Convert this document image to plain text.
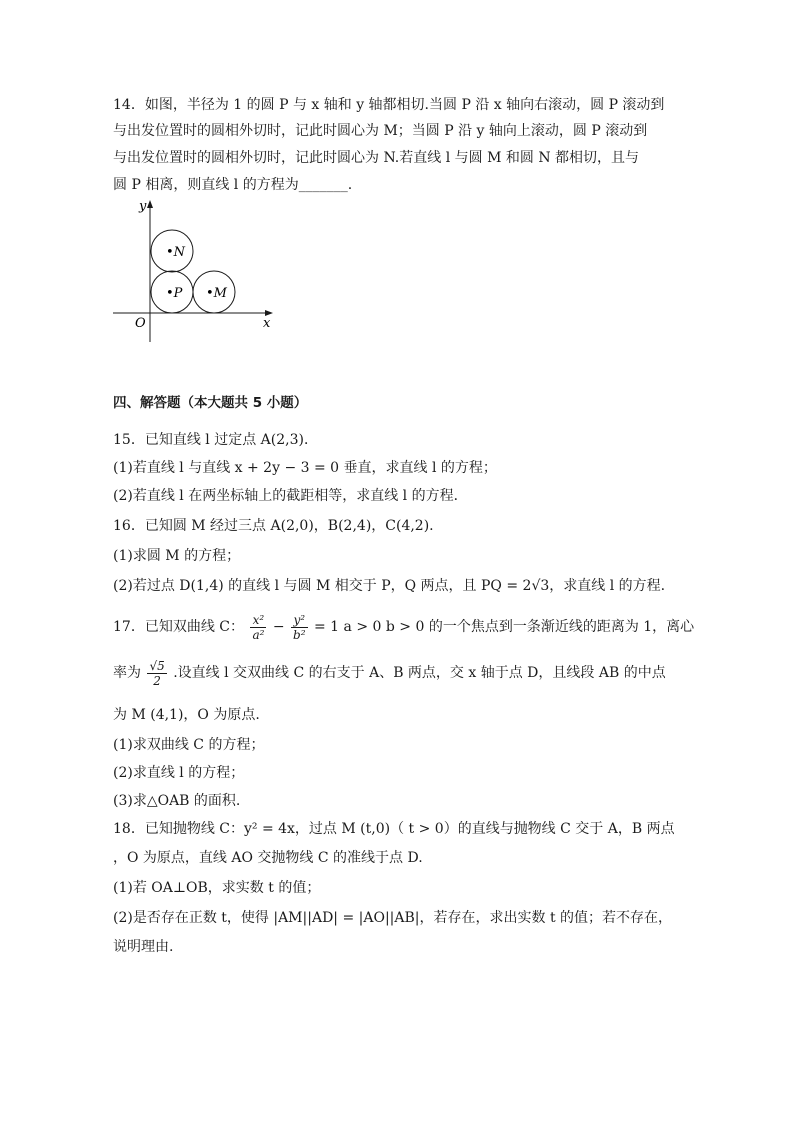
14．如图，半径为 1 的圆 P 与 x 轴和 y 轴都相切.当圆 P 沿 x 轴向右滚动，圆 P 滚动到
与出发位置时的圆相外切时，记此时圆心为 M；当圆 P 沿 y 轴向上滚动，圆 P 滚动到
与出发位置时的圆相外切时，记此时圆心为 N.若直线 l 与圆 M 和圆 N 都相切，且与
圆 P 相离，则直线 l 的方程为_______.
y
x
O
•N
•P •M
四、解答题（本大题共 5 小题）
15．已知直线 l 过定点 A(2,3)．
(1)若直线 l 与直线 x + 2y − 3 = 0 垂直，求直线 l 的方程；
(2)若直线 l 在两坐标轴上的截距相等，求直线 l 的方程．
16．已知圆 M 经过三点 A(2,0)，B(2,4)，C(4,2).
(1)求圆 M 的方程；
(2)若过点 D(1,4) 的直线 l 与圆 M 相交于 P，Q 两点，且 PQ = 2√3，求直线 l 的方程.
17．已知双曲线 C： $\frac{\text{x²}}{\text{a²}} - \frac{\text{y²}}{\text{b²}} = 1$ a > 0 b > 0 的一个焦点到一条渐近线的距离为 1，离心
率为 $\frac{√5}{2}$ .设直线 l 交双曲线 C 的右支于 A、B 两点，交 x 轴于点 D，且线段 AB 的中点
为 M (4,1)，O 为原点.
(1)求双曲线 C 的方程；
(2)求直线 l 的方程；
(3)求△OAB 的面积.
18．已知抛物线 C：y² = 4x，过点 M (t,0)（ t > 0）的直线与抛物线 C 交于 A，B 两点
，O 为原点，直线 AO 交抛物线 C 的准线于点 D.
(1)若 OA⊥OB，求实数 t 的值；
(2)是否存在正数 t，使得 |AM||AD| = |AO||AB|，若存在，求出实数 t 的值；若不存在，
说明理由.
